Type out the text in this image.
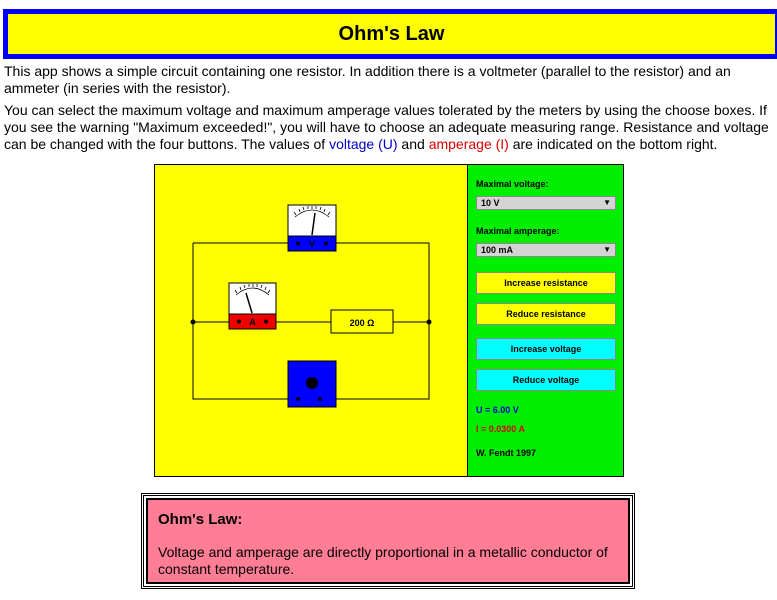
Ohm's Law

This app shows a simple circuit containing one resistor. In addition there is a voltmeter (parallel to the resistor) and an ammeter (in series with the resistor).

You can select the maximum voltage and maximum amperage values tolerated by the meters by using the choose boxes. If you see the warning "Maximum exceeded!", you will have to choose an adequate measuring range. Resistance and voltage can be changed with the four buttons. The values of voltage (U) and amperage (I) are indicated on the bottom right.

V
A	200 Ω
Maximal voltage:
10 V	▼
Maximal amperage:
100 mA	▼
Increase resistance
Reduce resistance
Increase voltage
Reduce voltage
U = 6.00 V
I = 0.0300 A
W. Fendt 1997
Ohm's Law:

Voltage and amperage are directly proportional in a metallic conductor of constant temperature.
